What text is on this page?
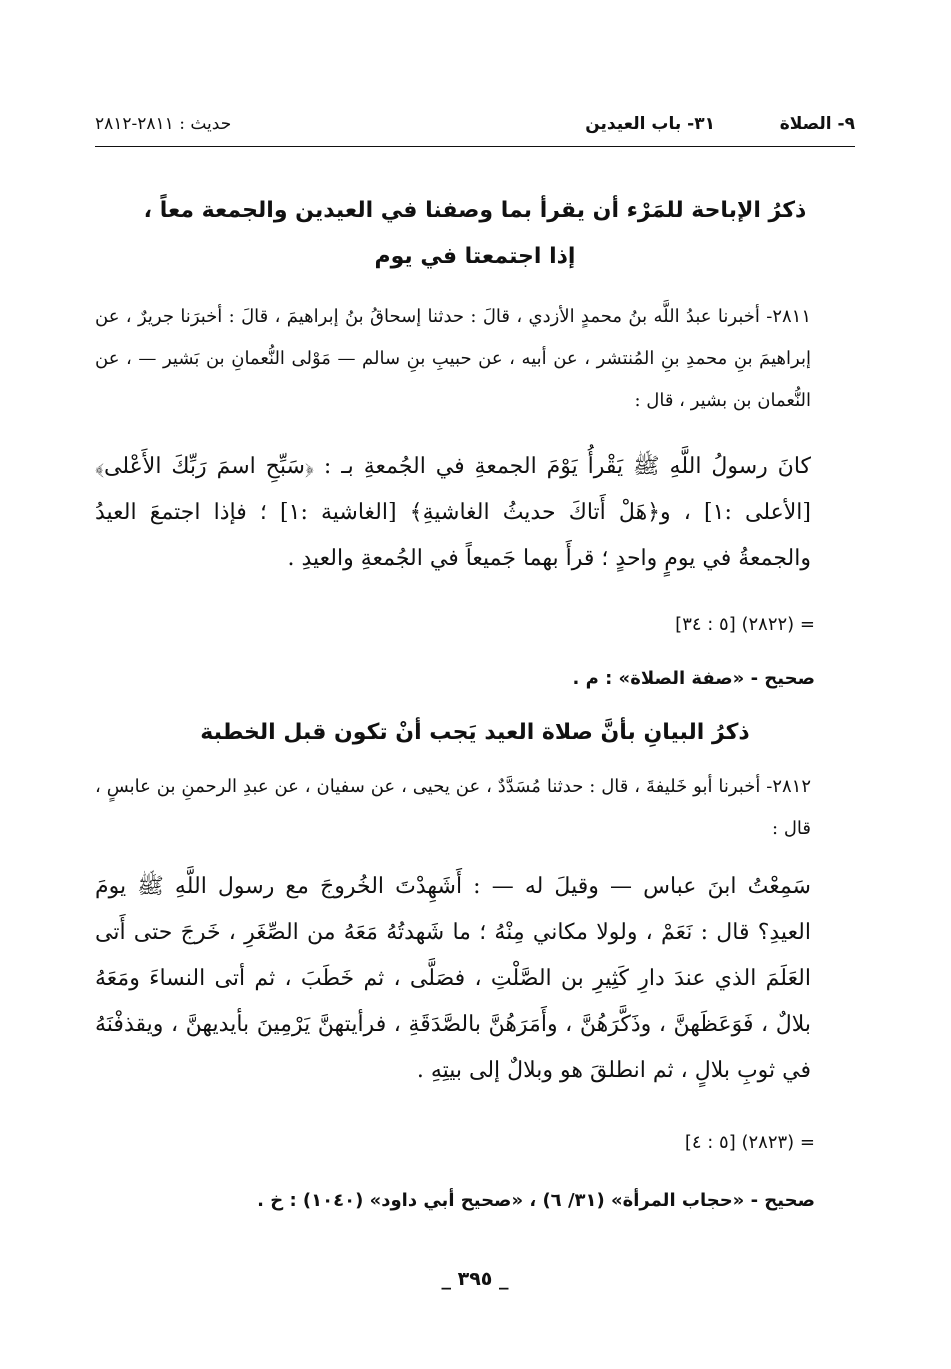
٩- الصلاة
٣١- باب العيدين
حديث : ٢٨١١-٢٨١٢
ذكرُ الإباحة للمَرْء أن يقرأ بما وصفنا في العيدين والجمعة معاً ، إذا اجتمعتا في يوم
٢٨١١- أخبرنا عبدُ اللَّه بنُ محمدٍ الأزدي ، قالَ : حدثنا إسحاقُ بنُ إبراهيمَ ، قالَ : أخبرَنا جريرٌ ، عن إبراهيمَ بنِ محمدِ بنِ المُنتشر ، عن أبيه ، عن حبيبِ بنِ سالم — مَوْلى النُّعمانِ بن بَشير — ، عن النُّعمان بن بشير ، قال :
كانَ رسولُ اللَّهِ ﷺ يَقْرأُ يَوْمَ الجمعةِ في الجُمعةِ بـ : ﴿سَبِّحِ اسمَ رَبِّكَ الأَعْلى﴾ [الأعلى :١] ، و﴿هَلْ أَتاكَ حديثُ الغاشيةِ﴾ [الغاشية :١] ؛ فإذا اجتمعَ العيدُ والجمعةُ في يومٍ واحدٍ ؛ قرأَ بهما جَميعاً في الجُمعةِ والعيدِ .
= (٢٨٢٢) [٥ : ٣٤]
صحيح - «صفة الصلاة» : م .
ذكرُ البيانِ بأنَّ صلاة العيد يَجب أنْ تكون قبل الخطبة
٢٨١٢- أخبرنا أبو خَليفةَ ، قال : حدثنا مُسَدَّدٌ ، عن يحيى ، عن سفيان ، عن عبدِ الرحمنِ بن عابسٍ ، قال :
سَمِعْتُ ابنَ عباس — وقيلَ له — : أَشَهِدْتَ الخُروجَ مع رسول اللَّهِ ﷺ يومَ العيدِ؟ قال : نَعَمْ ، ولولا مكاني مِنْهُ ؛ ما شَهدتُهُ مَعَهُ من الصِّغَرِ ، خَرجَ حتى أَتى العَلَمَ الذي عندَ دارِ كَثِيرِ بن الصَّلْتِ ، فصَلَّى ، ثم خَطَبَ ، ثم أتى النساءَ ومَعَهُ بلالٌ ، فَوَعَظَهنَّ ، وذَكَّرَهُنَّ ، وأَمَرَهُنَّ بالصَّدَقَةِ ، فرأيتهنَّ يَرْمِينَ بأيديهنَّ ، ويقذفْنَهُ في ثوبِ بلالٍ ، ثم انطلقَ هو وبلالٌ إلى بيتِهِ .
= (٢٨٢٣) [٥ : ٤]
صحيح - «حجاب المرأة» (٣١/ ٦) ، «صحيح أبي داود» (١٠٤٠) : خ .
_ ٣٩٥ _
